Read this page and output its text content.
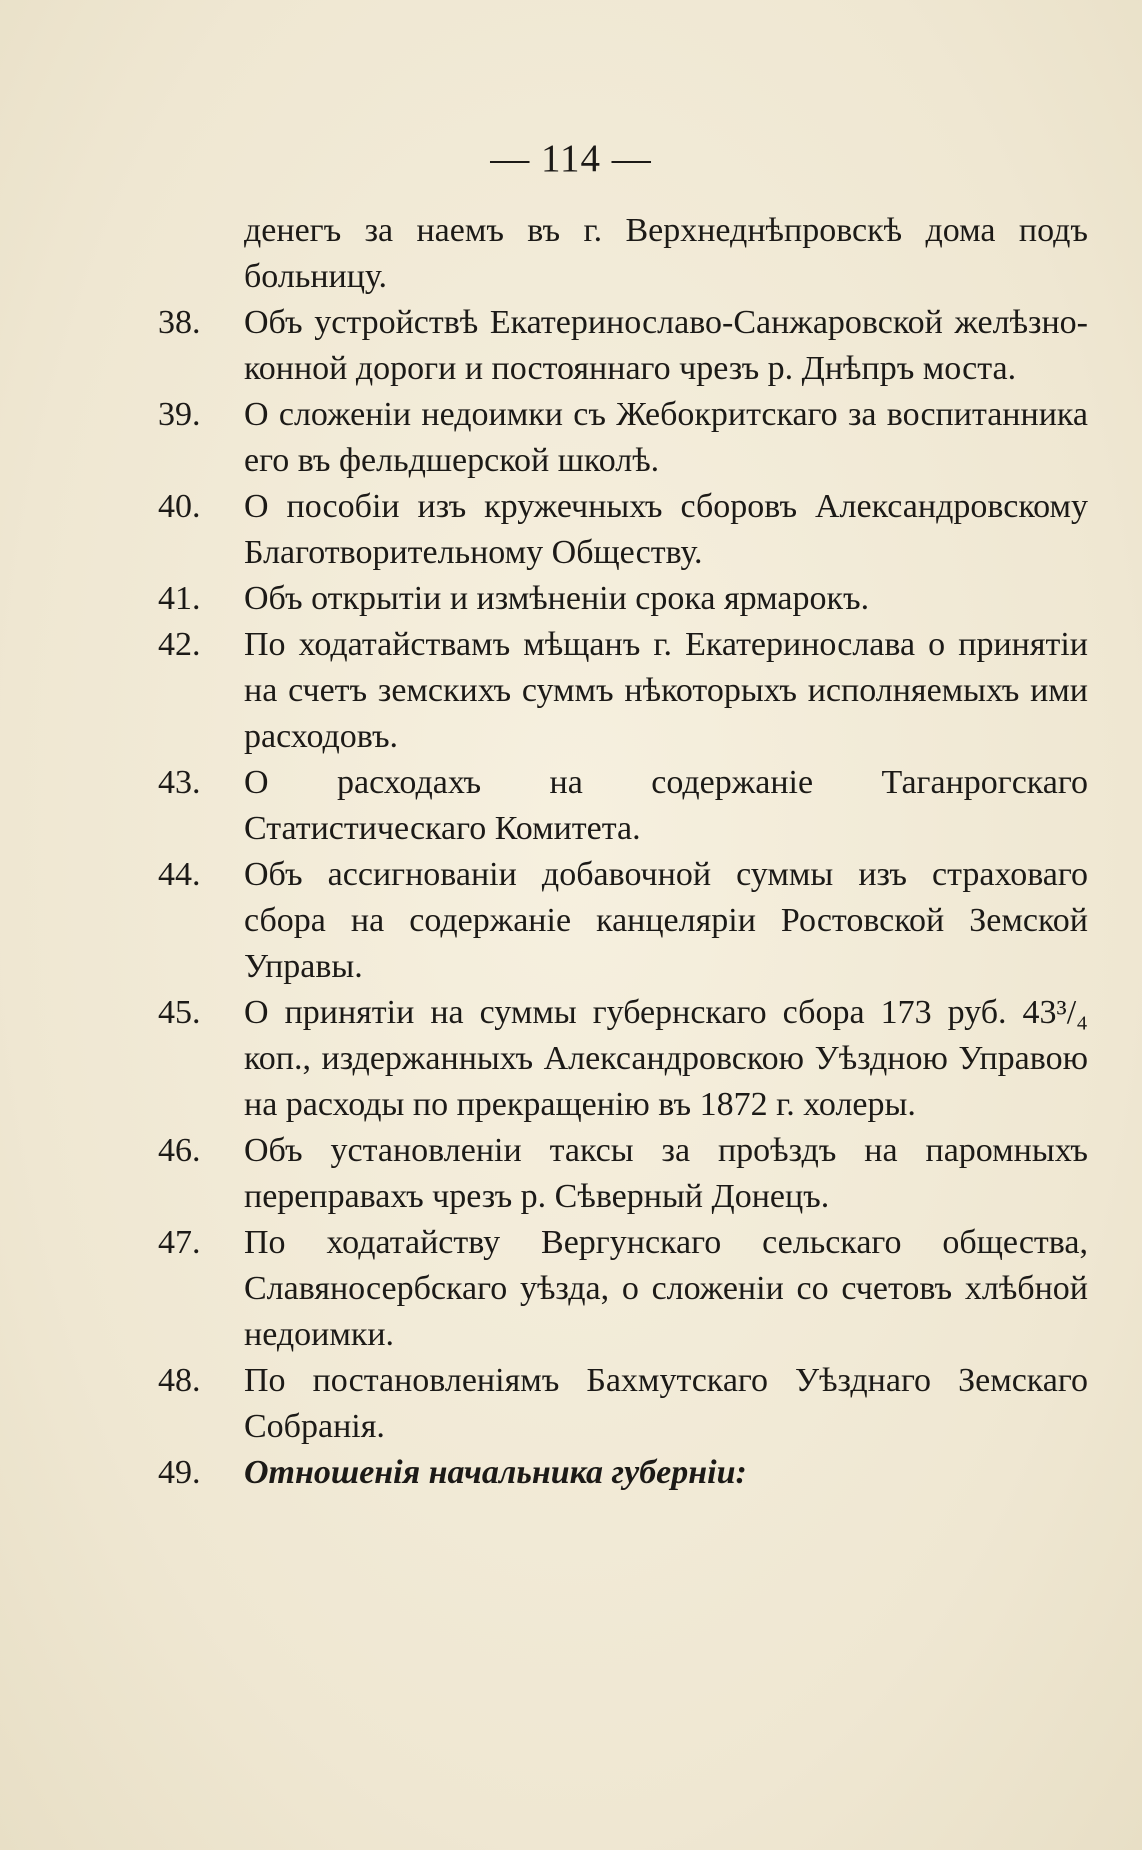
— 114 —
денегъ за наемъ въ г. Верхнеднѣпровскѣ дома подъ больницу.
38.	Объ устройствѣ Екатеринославо-Санжаровской желѣзно-конной дороги и постояннаго чрезъ р. Днѣпръ моста.
39.	О сложеніи недоимки съ Жебокритскаго за воспитанника его въ фельдшерской школѣ.
40.	О пособіи изъ кружечныхъ сборовъ Александровскому Благотворительному Обществу.
41.	Объ открытіи и измѣненіи срока ярмарокъ.
42.	По ходатайствамъ мѣщанъ г. Екатеринослава о принятіи на счетъ земскихъ суммъ нѣкоторыхъ исполняемыхъ ими расходовъ.
43.	О расходахъ на содержаніе Таганрогскаго Статистическаго Комитета.
44.	Объ ассигнованіи добавочной суммы изъ страховаго сбора на содержаніе канцеляріи Ростовской Земской Управы.
45.	О принятіи на суммы губернскаго сбора 173 руб. 43³/₄ коп., издержанныхъ Александровскою Уѣздною Управою на расходы по прекращенію въ 1872 г. холеры.
46.	Объ установленіи таксы за проѣздъ на паромныхъ переправахъ чрезъ р. Сѣверный Донецъ.
47.	По ходатайству Вергунскаго сельскаго общества, Славяносербскаго уѣзда, о сложеніи со счетовъ хлѣбной недоимки.
48.	По постановленіямъ Бахмутскаго Уѣзднаго Земскаго Собранія.
49.	Отношенія начальника губерніи:
